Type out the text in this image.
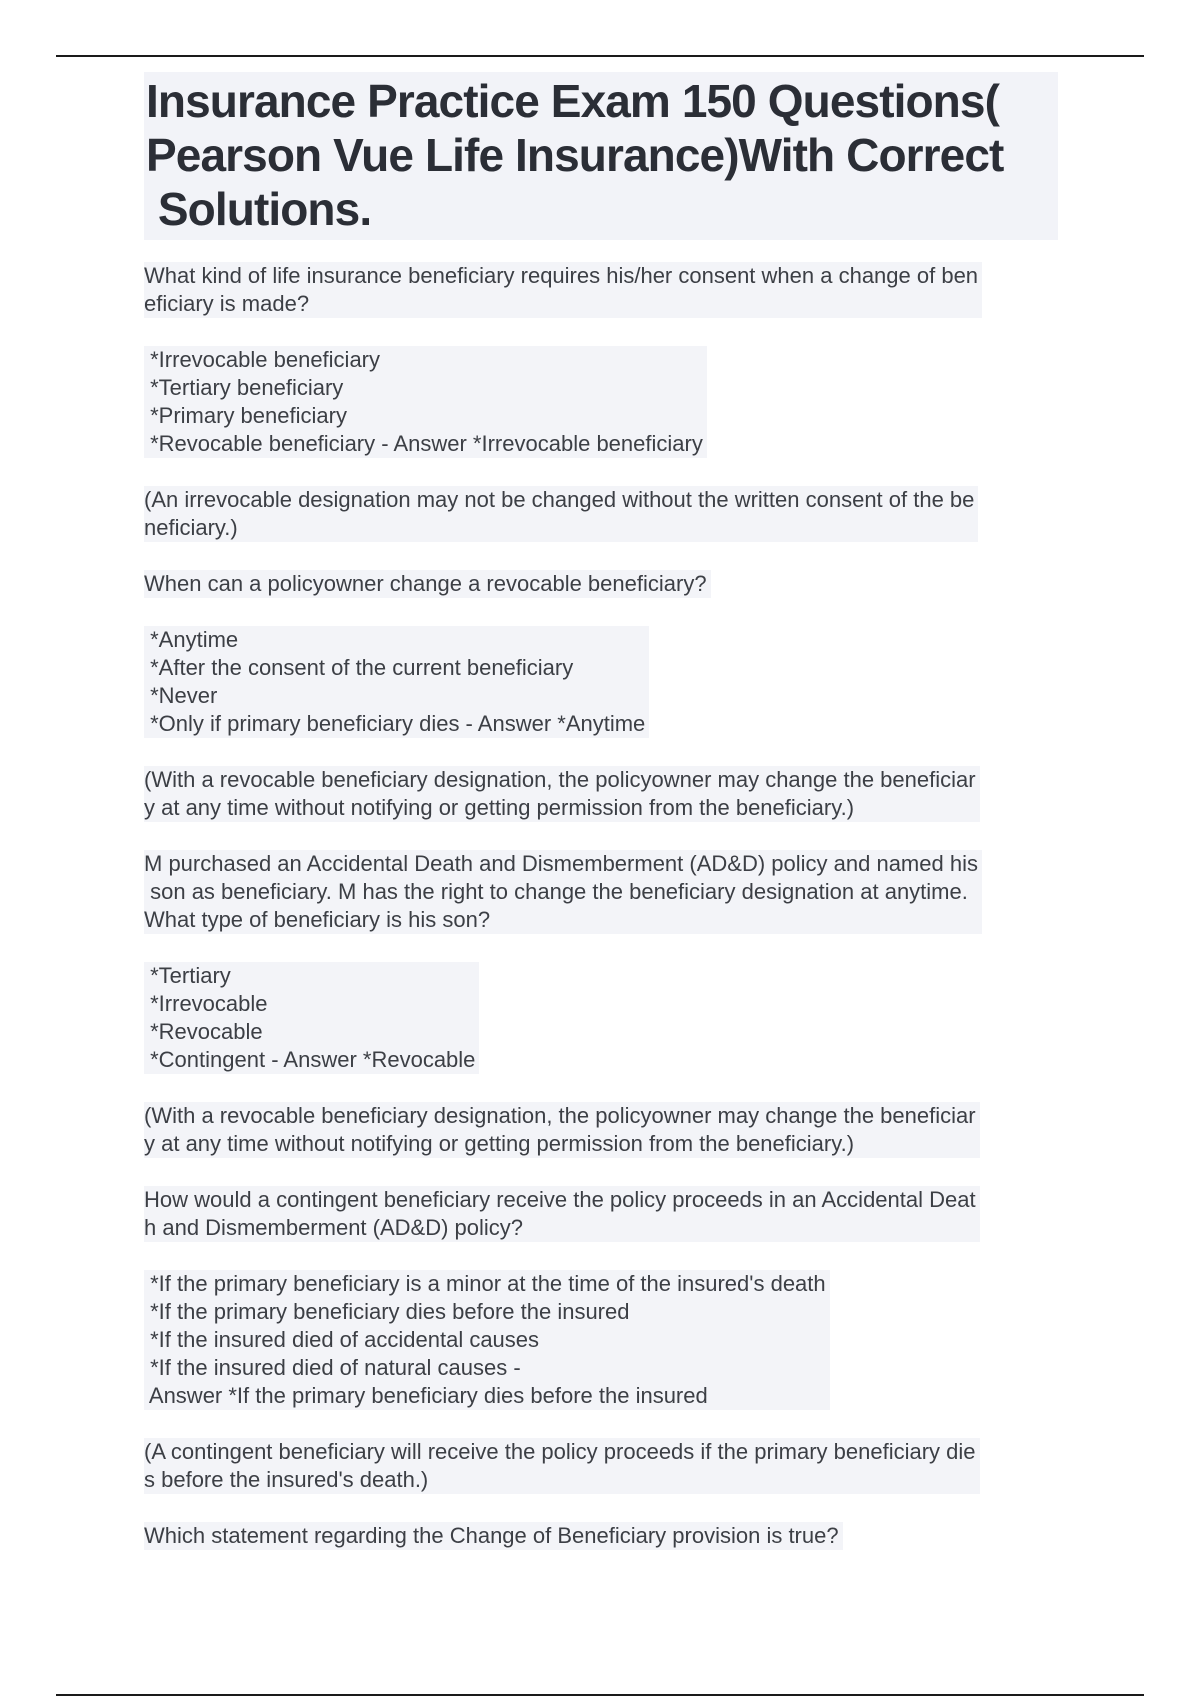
Insurance Practice Exam 150 Questions(
Pearson Vue Life Insurance)With Correct
Solutions.
What kind of life insurance beneficiary requires his/her consent when a change of ben
eficiary is made?
*Irrevocable beneficiary
*Tertiary beneficiary
*Primary beneficiary
*Revocable beneficiary - Answer *Irrevocable beneficiary
(An irrevocable designation may not be changed without the written consent of the be
neficiary.)
When can a policyowner change a revocable beneficiary?
*Anytime
*After the consent of the current beneficiary
*Never
*Only if primary beneficiary dies - Answer *Anytime
(With a revocable beneficiary designation, the policyowner may change the beneficiar
y at any time without notifying or getting permission from the beneficiary.)
M purchased an Accidental Death and Dismemberment (AD&D) policy and named his
son as beneficiary. M has the right to change the beneficiary designation at anytime.
What type of beneficiary is his son?
*Tertiary
*Irrevocable
*Revocable
*Contingent - Answer *Revocable
(With a revocable beneficiary designation, the policyowner may change the beneficiar
y at any time without notifying or getting permission from the beneficiary.)
How would a contingent beneficiary receive the policy proceeds in an Accidental Deat
h and Dismemberment (AD&D) policy?
*If the primary beneficiary is a minor at the time of the insured's death
*If the primary beneficiary dies before the insured
*If the insured died of accidental causes
*If the insured died of natural causes -
Answer *If the primary beneficiary dies before the insured
(A contingent beneficiary will receive the policy proceeds if the primary beneficiary die
s before the insured's death.)
Which statement regarding the Change of Beneficiary provision is true?
